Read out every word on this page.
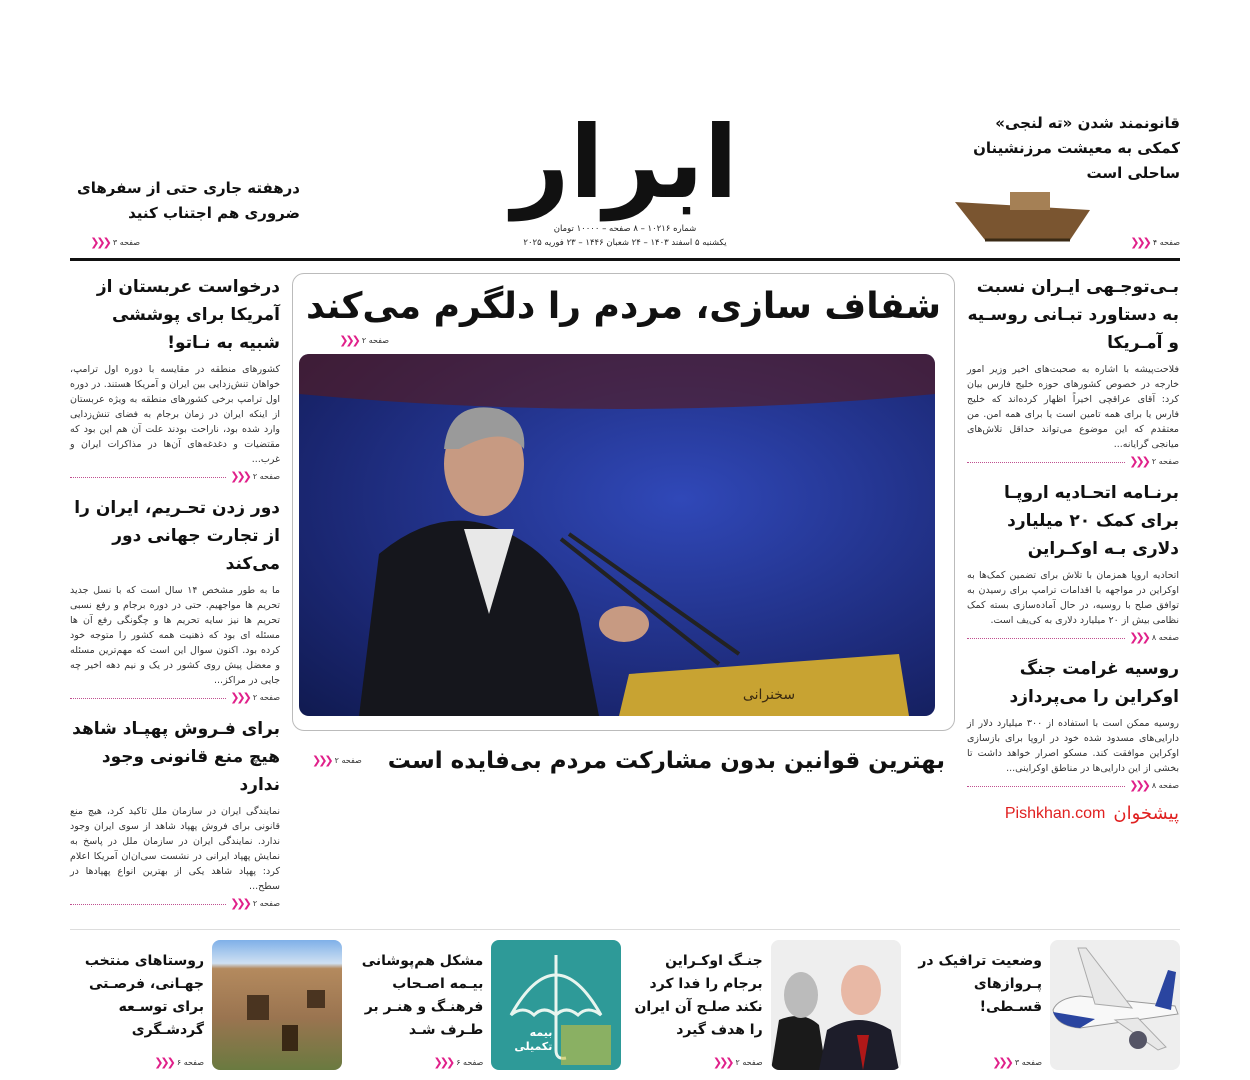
درهفته جاری حتی از سفرهای ضروری هم اجتناب کنید
صفحه ۳
❮❮❮
ابرار
شماره ۱۰۲۱۶ – ۸ صفحه – ۱۰۰۰۰ تومان
یکشنبه ۵ اسفند ۱۴۰۳ – ۲۴ شعبان ۱۴۴۶ – ۲۳ فوریه ۲۰۲۵
قانونمند شدن «ته لنجی» کمکی به معیشت مرزنشینان ساحلی است
صفحه ۴
❮❮❮
درخواست عربستان از آمریکا برای پوششی شبیه به نـاتو!
کشورهای منطقه در مقایسه با دوره اول ترامپ، خواهان تنش‌زدایی بین ایران و آمریکا هستند. در دوره اول ترامپ برخی کشورهای منطقه به ویژه عربستان از اینکه ایران در زمان برجام به فضای تنش‌زدایی وارد شده بود، ناراحت بودند علت آن هم این بود که مقتضیات و دغدغه‌های آن‌ها در مذاکرات ایران و غرب...
صفحه ۲
❮❮❮
دور زدن تحـریم، ایران را از تجارت جهانی دور می‌کند
ما به طور مشخص ۱۴ سال است که با نسل جدید تحریم ها مواجهیم. حتی در دوره برجام و رفع نسبی تحریم ها نیز سایه تحریم ها و چگونگی رفع آن ها مسئله ای بود که ذهنیت همه کشور را متوجه خود کرده بود. اکنون سوال این است که مهم‌ترین مسئله و معضل پیش روی کشور در یک و نیم دهه اخیر چه جایی در مراکز...
صفحه ۲
❮❮❮
برای فـروش پهپـاد شاهد هیچ منع قانونی وجود ندارد
نمایندگی ایران در سازمان ملل تاکید کرد، هیچ منع قانونی برای فروش پهپاد شاهد از سوی ایران وجود ندارد. نمایندگی ایران در سازمان ملل در پاسخ به نمایش پهپاد ایرانی در نشست سی‌ان‌ان آمریکا اعلام کرد: پهپاد شاهد یکی از بهترین انواع پهپادها در سطح...
صفحه ۲
❮❮❮
شفاف سازی، مردم را دلگرم می‌کند
صفحه ۲
❮❮❮
سخنرانی
بهترین قوانین بدون مشارکت مردم بی‌فایده است
صفحه ۲
❮❮❮
بـی‌توجـهی ایـران نسبت به دستاورد تبـانی روسـیه و آمـریکا
فلاحت‌پیشه با اشاره به صحبت‌های اخیر وزیر امور خارجه در خصوص کشورهای حوزه خلیج فارس بیان کرد: آقای عراقچی اخیراً اظهار کرده‌اند که خلیج فارس یا برای همه تامین است یا برای همه امن. من معتقدم که این موضوع می‌تواند حداقل تلاش‌های میانجی گرایانه...
صفحه ۲
❮❮❮
برنـامه اتحـادیه اروپـا برای کمک ۲۰ میلیارد دلاری بـه اوکـراین
اتحادیه اروپا همزمان با تلاش برای تضمین کمک‌ها به اوکراین در مواجهه با اقدامات ترامپ برای رسیدن به توافق صلح با روسیه، در حال آماده‌سازی بسته کمک نظامی بیش از ۲۰ میلیارد دلاری به کی‌یف است.
صفحه ۸
❮❮❮
روسیه غرامت جنگ اوکراین را می‌پردازد
روسیه ممکن است با استفاده از ۳۰۰ میلیارد دلار از دارایی‌های مسدود شده خود در اروپا برای بازسازی اوکراین موافقت کند. مسکو اصرار خواهد داشت تا بخشی از این دارایی‌ها در مناطق اوکراینی...
صفحه ۸
❮❮❮
Pishkhan.com پیشخوان
وضعیت ترافیک در پـروازهای قسـطی!
صفحه ۳
❮❮❮
جنـگ اوکـراین برجام را فدا کرد نکند صلـح آن ایران را هدف گیرد
صفحه ۲
❮❮❮
بیمه تکمیلی
مشکل هم‌پوشانی بیـمه اصـحاب فرهنـگ و هنـر بر طـرف شـد
صفحه ۶
❮❮❮
روستاهای منتخب جهـانی، فرصـتی برای توسـعه گردشـگری
صفحه ۶
❮❮❮
